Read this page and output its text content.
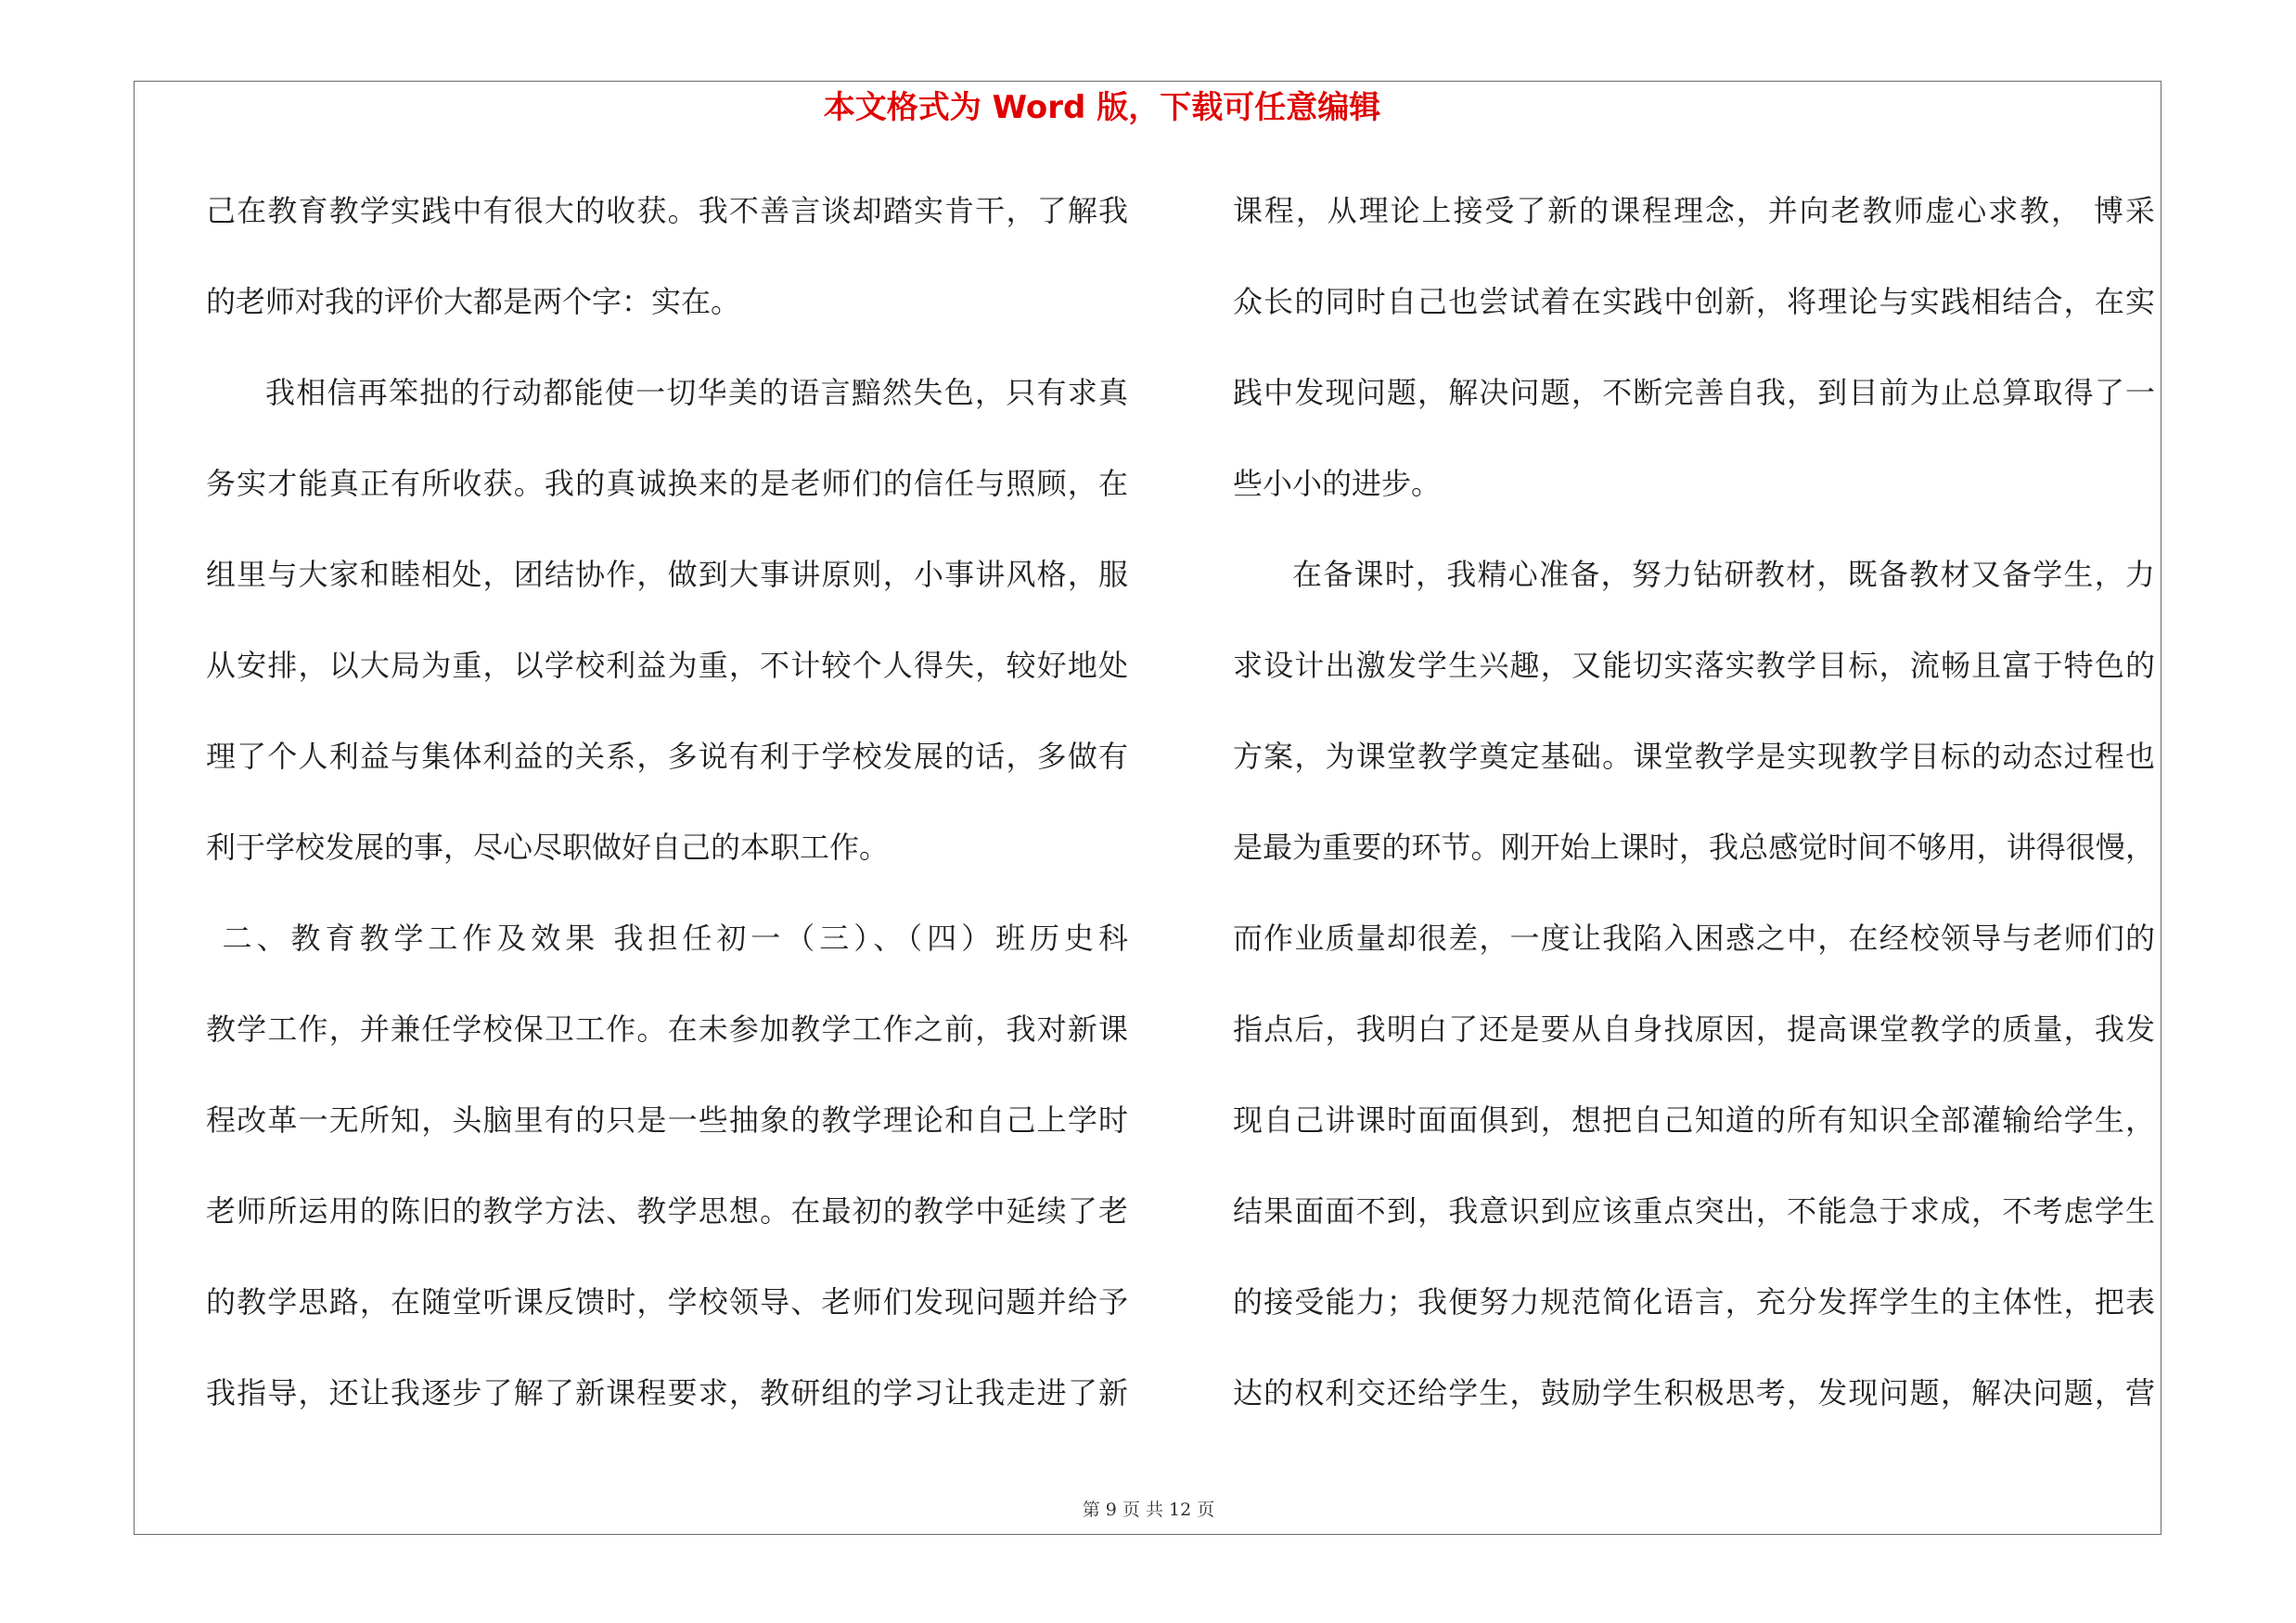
本文格式为 Word 版，下载可任意编辑
己在教育教学实践中有很大的收获。我不善言谈却踏实肯干，了解我
的老师对我的评价大都是两个字：实在。
我相信再笨拙的行动都能使一切华美的语言黯然失色，只有求真
务实才能真正有所收获。我的真诚换来的是老师们的信任与照顾，在
组里与大家和睦相处，团结协作，做到大事讲原则，小事讲风格，服
从安排，以大局为重，以学校利益为重，不计较个人得失，较好地处
理了个人利益与集体利益的关系，多说有利于学校发展的话，多做有
利于学校发展的事，尽心尽职做好自己的本职工作。
二、教育教学工作及效果 我担任初一（三）、（四）班历史科
教学工作，并兼任学校保卫工作。在未参加教学工作之前，我对新课
程改革一无所知，头脑里有的只是一些抽象的教学理论和自己上学时
老师所运用的陈旧的教学方法、教学思想。在最初的教学中延续了老
的教学思路，在随堂听课反馈时，学校领导、老师们发现问题并给予
我指导，还让我逐步了解了新课程要求，教研组的学习让我走进了新
课程，从理论上接受了新的课程理念，并向老教师虚心求教， 博采
众长的同时自己也尝试着在实践中创新，将理论与实践相结合，在实
践中发现问题，解决问题，不断完善自我，到目前为止总算取得了一
些小小的进步。
在备课时，我精心准备，努力钻研教材，既备教材又备学生，力
求设计出激发学生兴趣，又能切实落实教学目标，流畅且富于特色的
方案，为课堂教学奠定基础。课堂教学是实现教学目标的动态过程也
是最为重要的环节。刚开始上课时，我总感觉时间不够用，讲得很慢，
而作业质量却很差，一度让我陷入困惑之中，在经校领导与老师们的
指点后，我明白了还是要从自身找原因，提高课堂教学的质量，我发
现自己讲课时面面俱到，想把自己知道的所有知识全部灌输给学生，
结果面面不到，我意识到应该重点突出，不能急于求成，不考虑学生
的接受能力；我便努力规范简化语言，充分发挥学生的主体性，把表
达的权利交还给学生，鼓励学生积极思考，发现问题，解决问题，营
第 9 页 共 12 页
